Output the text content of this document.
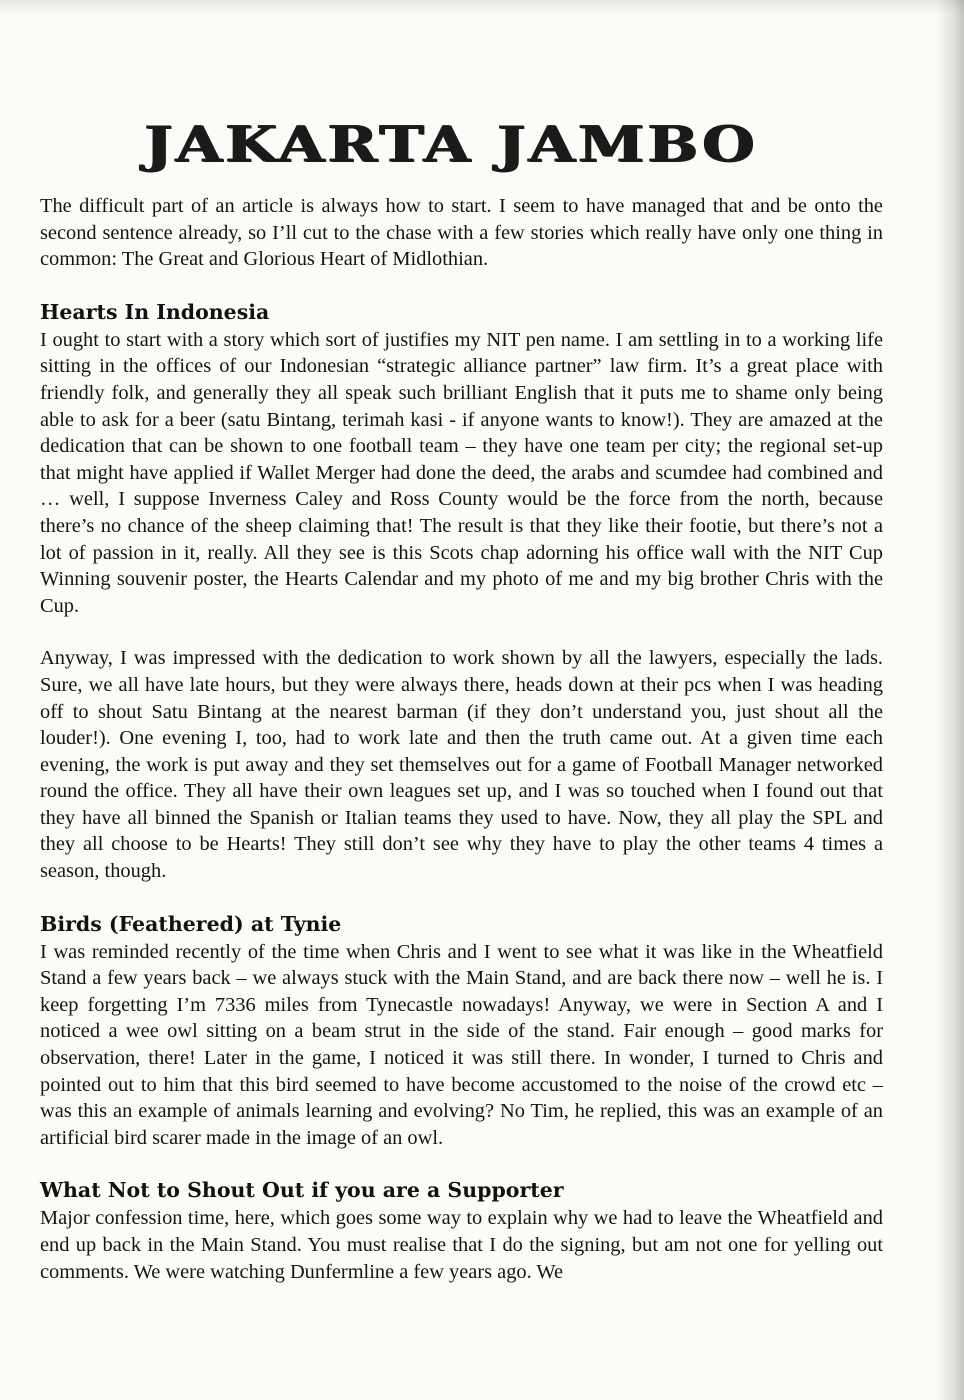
JAKARTA JAMBO

The difficult part of an article is always how to start. I seem to have managed that and be onto the second sentence already, so I’ll cut to the chase with a few stories which really have only one thing in common: The Great and Glorious Heart of Midlothian.

Hearts In Indonesia

I ought to start with a story which sort of justifies my NIT pen name. I am settling in to a working life sitting in the offices of our Indonesian “strategic alliance partner” law firm. It’s a great place with friendly folk, and generally they all speak such brilliant English that it puts me to shame only being able to ask for a beer (satu Bintang, terimah kasi - if anyone wants to know!). They are amazed at the dedication that can be shown to one football team – they have one team per city; the regional set-up that might have applied if Wallet Merger had done the deed, the arabs and scumdee had combined and … well, I suppose Inverness Caley and Ross County would be the force from the north, because there’s no chance of the sheep claiming that! The result is that they like their footie, but there’s not a lot of passion in it, really. All they see is this Scots chap adorning his office wall with the NIT Cup Winning souvenir poster, the Hearts Calendar and my photo of me and my big brother Chris with the Cup.

Anyway, I was impressed with the dedication to work shown by all the lawyers, especially the lads. Sure, we all have late hours, but they were always there, heads down at their pcs when I was heading off to shout Satu Bintang at the nearest barman (if they don’t understand you, just shout all the louder!). One evening I, too, had to work late and then the truth came out. At a given time each evening, the work is put away and they set themselves out for a game of Football Manager networked round the office. They all have their own leagues set up, and I was so touched when I found out that they have all binned the Spanish or Italian teams they used to have. Now, they all play the SPL and they all choose to be Hearts! They still don’t see why they have to play the other teams 4 times a season, though.

Birds (Feathered) at Tynie

I was reminded recently of the time when Chris and I went to see what it was like in the Wheatfield Stand a few years back – we always stuck with the Main Stand, and are back there now – well he is. I keep forgetting I’m 7336 miles from Tynecastle nowadays! Anyway, we were in Section A and I noticed a wee owl sitting on a beam strut in the side of the stand. Fair enough – good marks for observation, there! Later in the game, I noticed it was still there. In wonder, I turned to Chris and pointed out to him that this bird seemed to have become accustomed to the noise of the crowd etc – was this an example of animals learning and evolving? No Tim, he replied, this was an example of an artificial bird scarer made in the image of an owl.

What Not to Shout Out if you are a Supporter

Major confession time, here, which goes some way to explain why we had to leave the Wheatfield and end up back in the Main Stand. You must realise that I do the signing, but am not one for yelling out comments. We were watching Dunfermline a few years ago. We
